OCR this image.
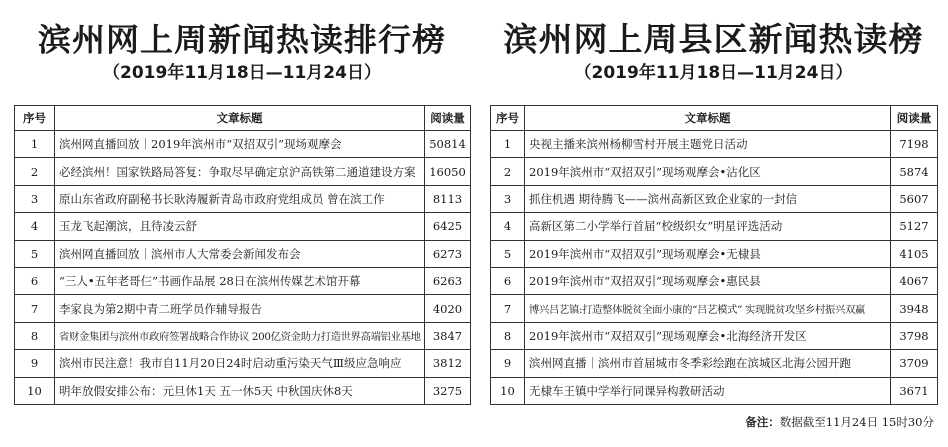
滨州网上周新闻热读排行榜
（2019年11月18日—11月24日）
序号	文章标题	阅读量
1	滨州网直播回放｜2019年滨州市“双招双引”现场观摩会	50814
2	必经滨州！国家铁路局答复：争取尽早确定京沪高铁第二通道建设方案	16050
3	原山东省政府副秘书长耿涛履新青岛市政府党组成员 曾在滨工作	8113
4	玉龙飞起潮滨，且待凌云舒	6425
5	滨州网直播回放｜滨州市人大常委会新闻发布会	6273
6	“三人•五年老哥仨”书画作品展 28日在滨州传媒艺术馆开幕	6263
7	李家良为第2期中青二班学员作辅导报告	4020
8	省财金集团与滨州市政府签署战略合作协议 200亿资金助力打造世界高端铝业基地	3847
9	滨州市民注意！我市自11月20日24时启动重污染天气Ⅲ级应急响应	3812
10	明年放假安排公布：元旦休1天 五一休5天 中秋国庆休8天	3275
滨州网上周县区新闻热读榜
（2019年11月18日—11月24日）
序号	文章标题	阅读量
1	央视主播来滨州杨柳雪村开展主题党日活动	7198
2	2019年滨州市“双招双引”现场观摩会•沾化区	5874
3	抓住机遇 期待腾飞——滨州高新区致企业家的一封信	5607
4	高新区第二小学举行首届“校级织女”明星评选活动	5127
5	2019年滨州市“双招双引”现场观摩会•无棣县	4105
6	2019年滨州市“双招双引”现场观摩会•惠民县	4067
7	博兴吕艺镇:打造整体脱贫全面小康的“吕艺模式” 实现脱贫攻坚乡村振兴双赢	3948
8	2019年滨州市“双招双引”现场观摩会•北海经济开发区	3798
9	滨州网直播｜滨州市首届城市冬季彩绘跑在滨城区北海公园开跑	3709
10	无棣车王镇中学举行同课异构教研活动	3671
备注：数据截至11月24日 15时30分
